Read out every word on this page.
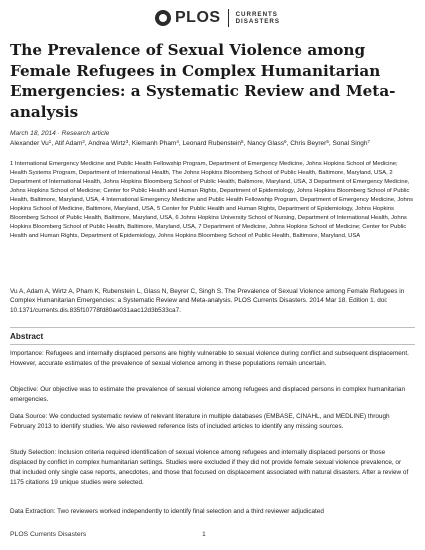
PLOS CURRENTS
DISASTERS
The Prevalence of Sexual Violence among Female Refugees in Complex Humanitarian Emergencies: a Systematic Review and Meta-analysis
March 18, 2014 · Research article
Alexander Vu$^1$, Atif Adam$^2$, Andrea Wirtz$^3$, Kiemanh Pham$^4$, Leonard Rubenstein$^5$, Nancy Glass$^6$, Chris Beyrer$^5$, Sonal Singh$^7$
1 International Emergency Medicine and Public Health Fellowship Program, Department of Emergency Medicine, Johns Hopkins School of Medicine; Health Systems Program, Department of International Health, The Johns Hopkins Bloomberg School of Public Health, Baltimore, Maryland, USA, 2 Department of International Health, Johns Hopkins Bloomberg School of Public Health, Baltimore, Maryland, USA, 3 Department of Emergency Medicine, Johns Hopkins School of Medicine; Center for Public Health and Human Rights, Department of Epidemiology, Johns Hopkins Bloomberg School of Public Health, Baltimore, Maryland, USA, 4 International Emergency Medicine and Public Health Fellowship Program, Department of Emergency Medicine, Johns Hopkins School of Medicine, Baltimore, Maryland, USA, 5 Center for Public Health and Human Rights, Department of Epidemiology, Johns Hopkins Bloomberg School of Public Health, Baltimore, Maryland, USA, 6 Johns Hopkins University School of Nursing, Department of International Health, Johns Hopkins Bloomberg School of Public Health, Baltimore, Maryland, USA, 7 Department of Medicine, Johns Hopkins School of Medicine; Center for Public Health and Human Rights, Department of Epidemiology, Johns Hopkins Bloomberg School of Public Health, Baltimore, Maryland, USA
Vu A, Adam A, Wirtz A, Pham K, Rubenstein L, Glass N, Beyrer C, Singh S. The Prevalence of Sexual Violence among Female Refugees in Complex Humanitarian Emergencies: a Systematic Review and Meta-analysis. PLOS Currents Disasters. 2014 Mar 18. Edition 1. doi: 10.1371/currents.dis.835f10778fd80ae031aac12d3b533ca7.
Abstract

Importance: Refugees and internally displaced persons are highly vulnerable to sexual violence during conflict and subsequent displacement. However, accurate estimates of the prevalence of sexual violence among in these populations remain uncertain.

Objective: Our objective was to estimate the prevalence of sexual violence among refugees and displaced persons in complex humanitarian emergencies.

Data Source: We conducted systematic review of relevant literature in multiple databases (EMBASE, CINAHL, and MEDLINE) through February 2013 to identify studies. We also reviewed reference lists of included articles to identify any missing sources.

Study Selection: Inclusion criteria required identification of sexual violence among refugees and internally displaced persons or those displaced by conflict in complex humanitarian settings. Studies were excluded if they did not provide female sexual violence prevalence, or that included only single case reports, anecdotes, and those that focused on displacement associated with natural disasters. After a review of 1175 citations 19 unique studies were selected.

Data Extraction: Two reviewers worked independently to identify final selection and a third reviewer adjudicated

PLOS Currents Disasters	1
